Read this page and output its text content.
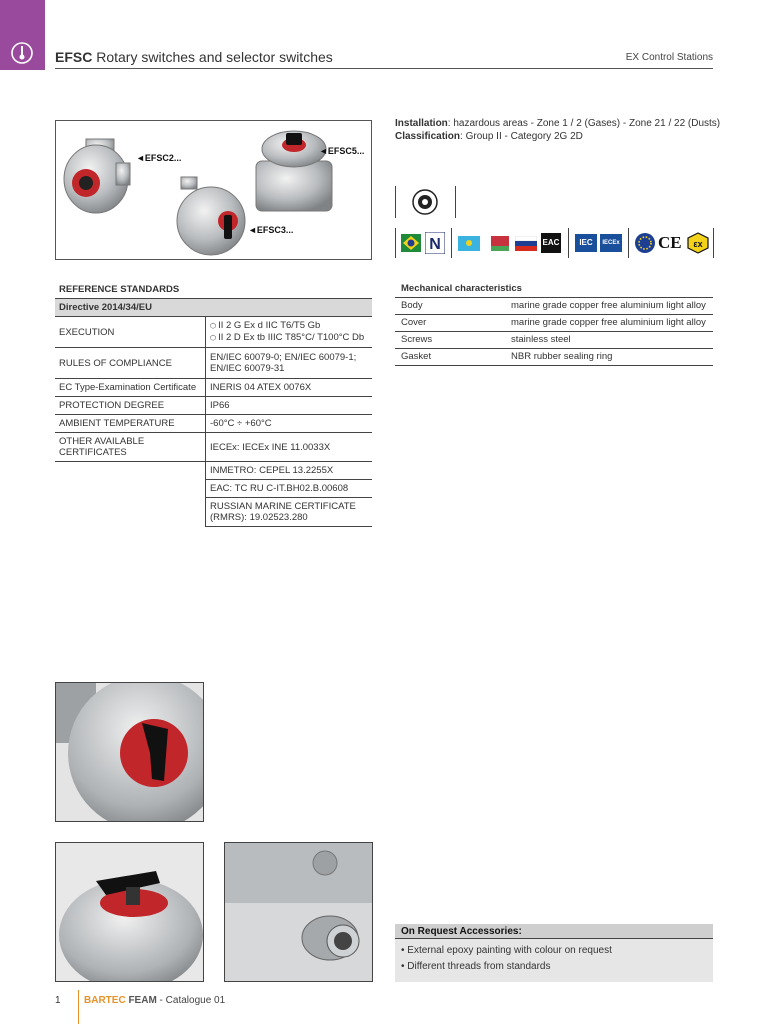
EFSC Rotary switches and selector switches	EX Control Stations
◄EFSC2...
◄EFSC5...
◄EFSC3...
Installation: hazardous areas - Zone 1 / 2 (Gases) - Zone 21 / 22 (Dusts)
Classification: Group II - Category 2G 2D
N	EAC	IEC	IECEx CE εx
REFERENCE STANDARDS	
Directive 2014/34/EU	
EXECUTION	⬡ II 2 G Ex d IIC T6/T5 Gb
⬡ II 2 D Ex tb IIIC T85°C/ T100°C Db

RULES OF COMPLIANCE	EN/IEC 60079-0; EN/IEC 60079-1;
EN/IEC 60079-31

EC Type-Examination Certificate	INERIS 04 ATEX 0076X
PROTECTION DEGREE	IP66
AMBIENT TEMPERATURE	-60°C ÷ +60°C
OTHER AVAILABLE CERTIFICATES	IECEx: IECEx INE 11.0033X
	INMETRO: CEPEL 13.2255X
	EAC: TC RU C-IT.BH02.B.00608

	RUSSIAN MARINE CERTIFICATE
(RMRS): 19.02523.280
Mechanical characteristics	
Body	marine grade copper free aluminium light alloy
Cover	marine grade copper free aluminium light alloy
Screws	stainless steel
Gasket	NBR rubber sealing ring
On Request Accessories:
• External epoxy painting with colour on request
• Different threads from standards
1 BARTEC FEAM - Catalogue 01
